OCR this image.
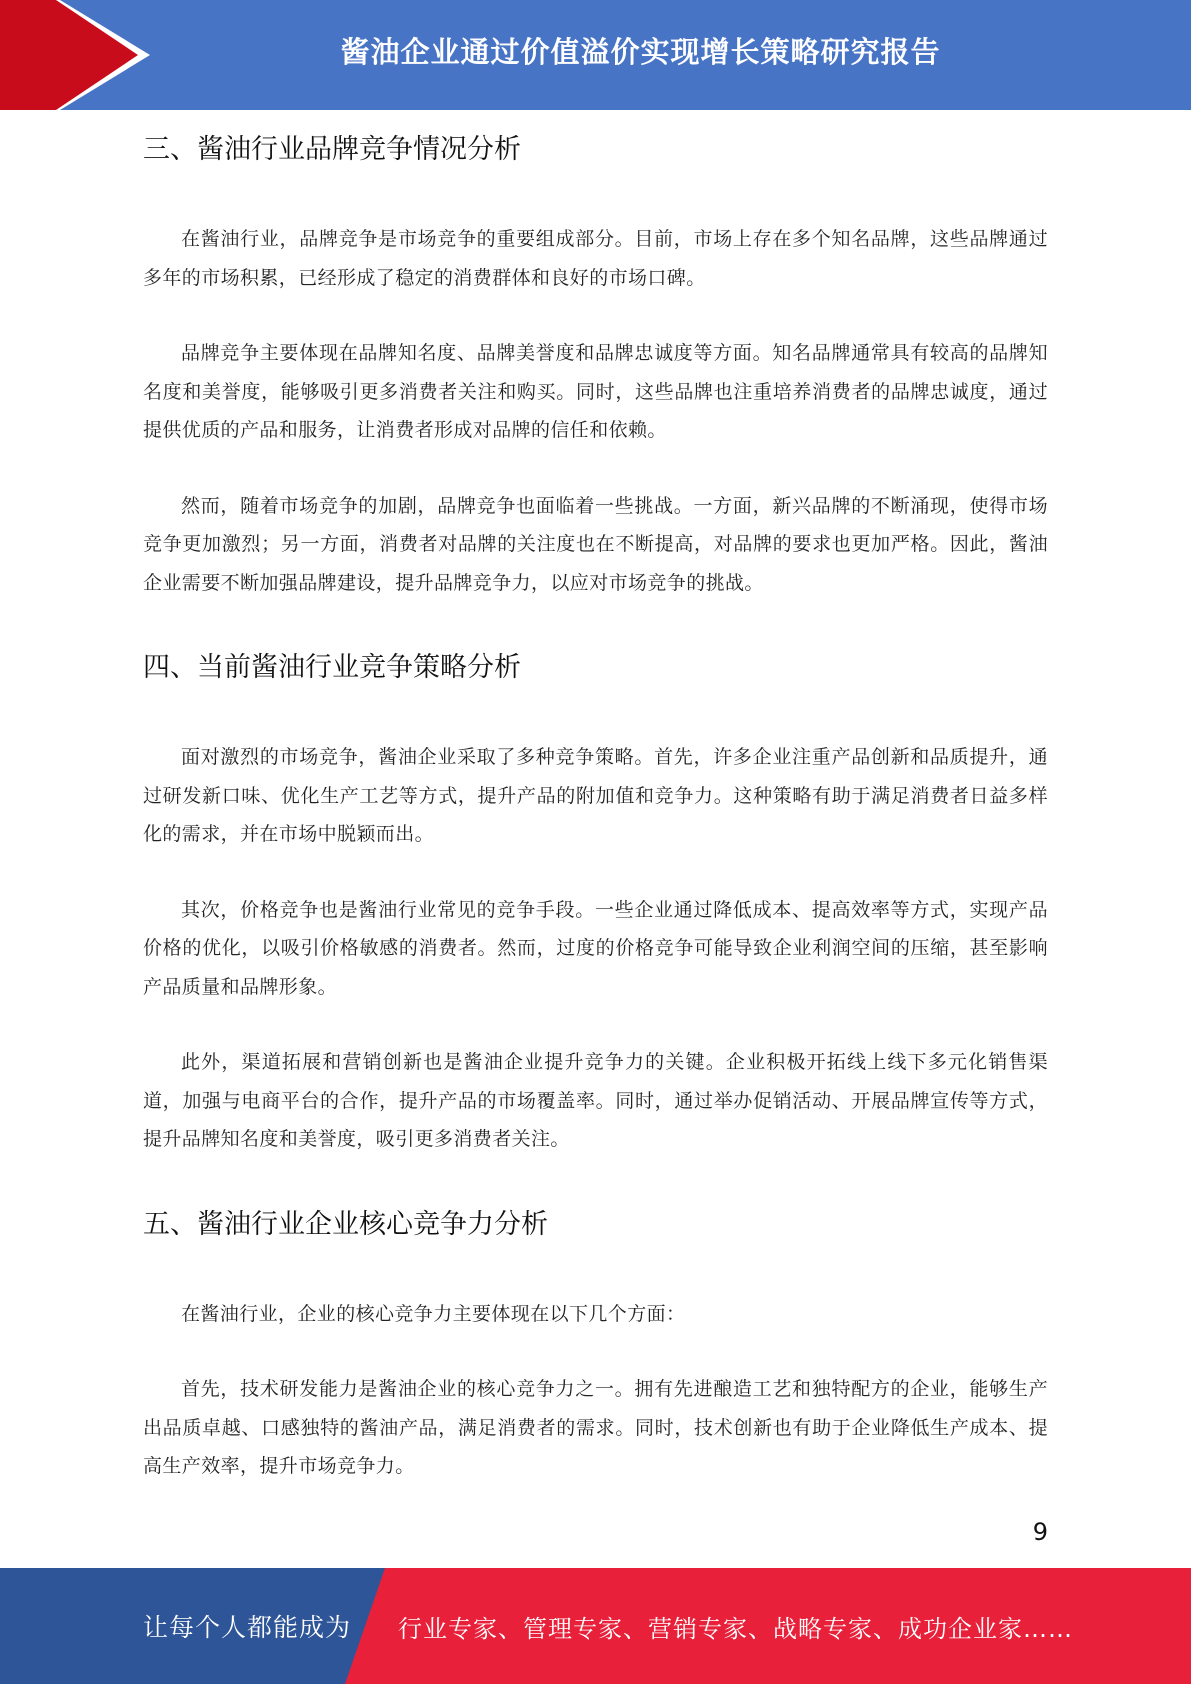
酱油企业通过价值溢价实现增长策略研究报告
三、酱油行业品牌竞争情况分析

在酱油行业，品牌竞争是市场竞争的重要组成部分。目前，市场上存在多个知名品牌，这些品牌通过多年的市场积累，已经形成了稳定的消费群体和良好的市场口碑。

品牌竞争主要体现在品牌知名度、品牌美誉度和品牌忠诚度等方面。知名品牌通常具有较高的品牌知名度和美誉度，能够吸引更多消费者关注和购买。同时，这些品牌也注重培养消费者的品牌忠诚度，通过提供优质的产品和服务，让消费者形成对品牌的信任和依赖。

然而，随着市场竞争的加剧，品牌竞争也面临着一些挑战。一方面，新兴品牌的不断涌现，使得市场竞争更加激烈；另一方面，消费者对品牌的关注度也在不断提高，对品牌的要求也更加严格。因此，酱油企业需要不断加强品牌建设，提升品牌竞争力，以应对市场竞争的挑战。

四、当前酱油行业竞争策略分析

面对激烈的市场竞争，酱油企业采取了多种竞争策略。首先，许多企业注重产品创新和品质提升，通过研发新口味、优化生产工艺等方式，提升产品的附加值和竞争力。这种策略有助于满足消费者日益多样化的需求，并在市场中脱颖而出。

其次，价格竞争也是酱油行业常见的竞争手段。一些企业通过降低成本、提高效率等方式，实现产品价格的优化，以吸引价格敏感的消费者。然而，过度的价格竞争可能导致企业利润空间的压缩，甚至影响产品质量和品牌形象。

此外，渠道拓展和营销创新也是酱油企业提升竞争力的关键。企业积极开拓线上线下多元化销售渠道，加强与电商平台的合作，提升产品的市场覆盖率。同时，通过举办促销活动、开展品牌宣传等方式，提升品牌知名度和美誉度，吸引更多消费者关注。

五、酱油行业企业核心竞争力分析

在酱油行业，企业的核心竞争力主要体现在以下几个方面：

首先，技术研发能力是酱油企业的核心竞争力之一。拥有先进酿造工艺和独特配方的企业，能够生产出品质卓越、口感独特的酱油产品，满足消费者的需求。同时，技术创新也有助于企业降低生产成本、提高生产效率，提升市场竞争力。

9
让每个人都能成为 行业专家、管理专家、营销专家、战略专家、成功企业家……
